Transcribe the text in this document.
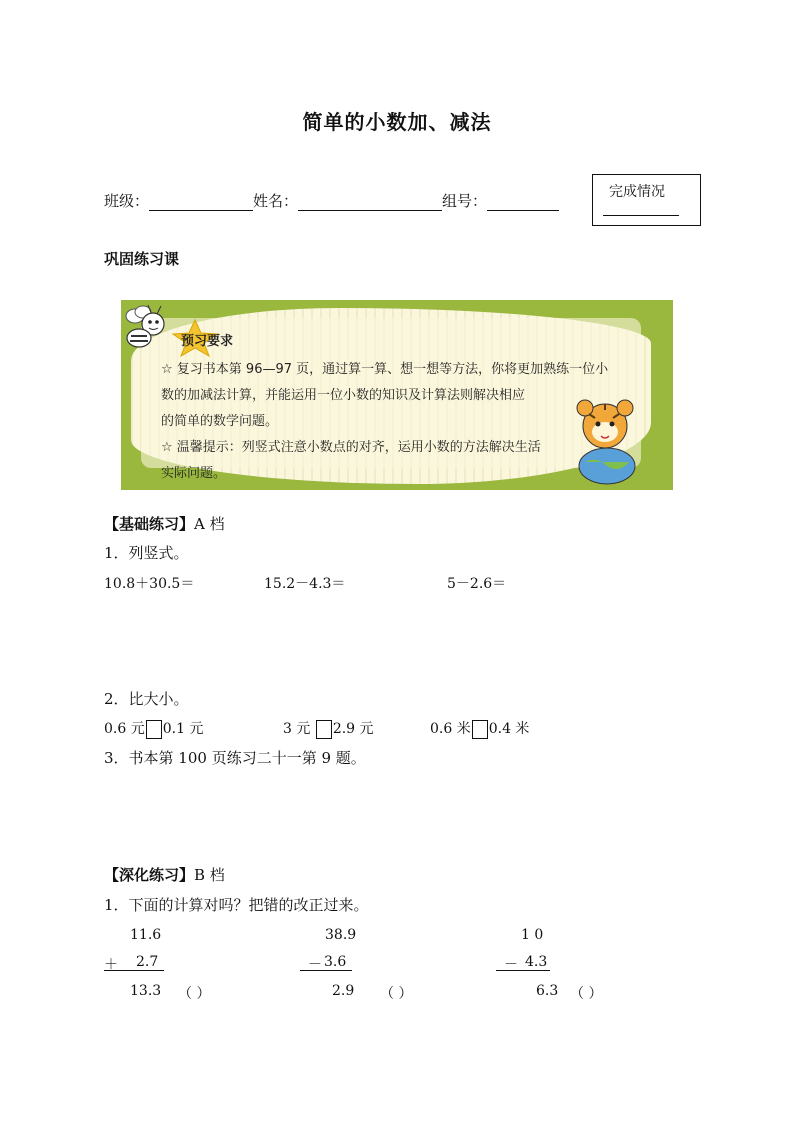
简单的小数加、减法
班级：	姓名：	组号：	完成情况
巩固练习课
预习要求
☆ 复习书本第 96—97 页，通过算一算、想一想等方法，你将更加熟练一位小
数的加减法计算，并能运用一位小数的知识及计算法则解决相应
的简单的数学问题。
☆ 温馨提示：列竖式注意小数点的对齐，运用小数的方法解决生活
实际问题。
【基础练习】A 档
1．列竖式。
10.8＋30.5＝	15.2－4.3＝	5－2.6＝
2．比大小。
0.6 元 0.1 元	3 元 2.9 元	0.6 米 0.4 米
3．书本第 100 页练习二十一第 9 题。
【深化练习】B 档
1．下面的计算对吗？把错的改正过来。
11.6
＋ 2.7
13.3 （ ）
38.9
－ 3.6
2.9 （ ）
1 0
－ 4.3
6.3 （ ）
